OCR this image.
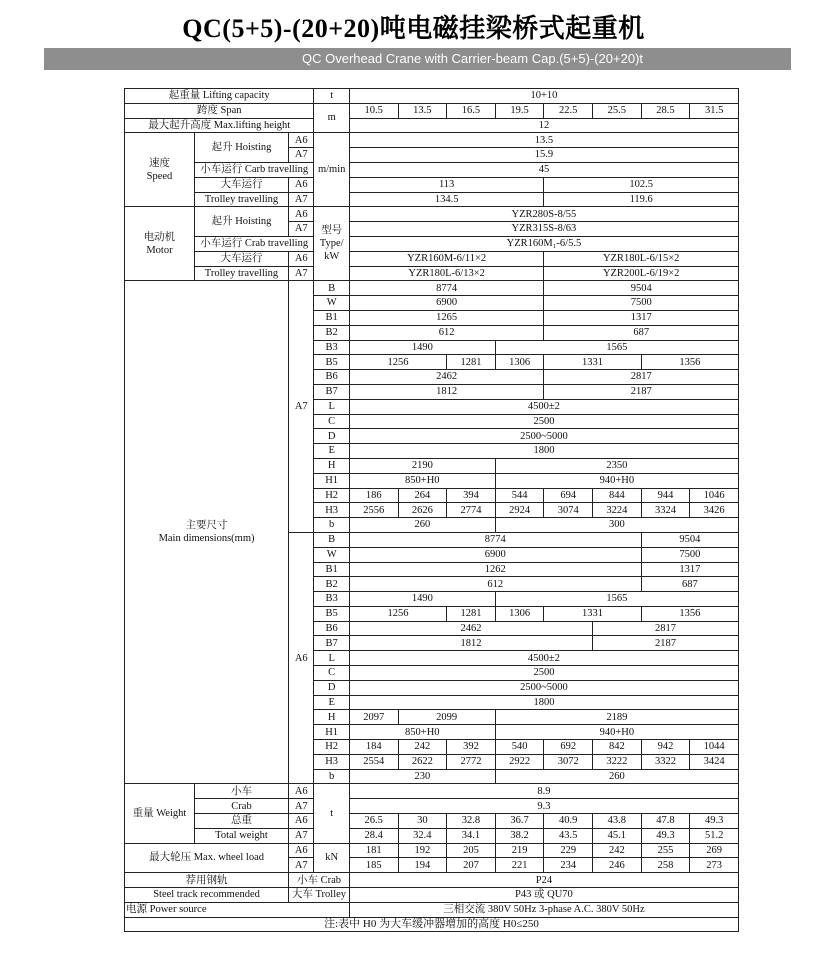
QC(5+5)-(20+20)吨电磁挂梁桥式起重机
QC Overhead Crane with Carrier-beam Cap.(5+5)-(20+20)t
起重量 Lifting capacity			t	10+10							
跨度 Span			m	10.5	13.5	16.5	19.5	22.5	25.5	28.5	31.5
最大起升高度 Max.lifting height				12							
速度
Speed	起升 Hoisting	A6	m/min	13.5							
		A7		15.9							
	小车运行 Carb travelling			45							
	大车运行	A6		113				102.5			
	Trolley travelling	A7		134.5				119.6			
电动机
Motor	起升 Hoisting	A6	型号
Type/
kW	YZR280S-8/55							
		A7		YZR315S-8/63							
	小车运行 Crab travelling			YZR160M₁-6/5.5							
	大车运行	A6		YZR160M-6/11×2				YZR180L-6/15×2			
	Trolley travelling	A7		YZR180L-6/13×2				YZR200L-6/19×2			
主要尺寸
Main dimensions(mm)		A7	B	8774				9504			
			W	6900				7500			
			B1	1265				1317			
			B2	612				687			
			B3	1490			1565				
			B5	1256		1281	1306	1331		1356	
			B6	2462				2817			
			B7	1812				2187			
			L	4500±2							
			C	2500							
			D	2500~5000							
			E	1800							
			H	2190			2350				
			H1	850+H0			940+H0				
			H2	186	264	394	544	694	844	944	1046
			H3	2556	2626	2774	2924	3074	3224	3324	3426
			b	260			300				
		A6	B	8774						9504	
			W	6900						7500	
			B1	1262						1317	
			B2	612						687	
			B3	1490			1565				
			B5	1256		1281	1306	1331		1356	
			B6	2462					2817		
			B7	1812					2187		
			L	4500±2							
			C	2500							
			D	2500~5000							
			E	1800							
			H	2097	2099		2189				
			H1	850+H0			940+H0				
			H2	184	242	392	540	692	842	942	1044
			H3	2554	2622	2772	2922	3072	3222	3322	3424
			b	230			260				
重量 Weight	小车	A6	t	8.9							
	Crab	A7		9.3							
	总重	A6		26.5	30	32.8	36.7	40.9	43.8	47.8	49.3
	Total weight	A7		28.4	32.4	34.1	38.2	43.5	45.1	49.3	51.2
最大轮压 Max. wheel load		A6	kN	181	192	205	219	229	242	255	269
		A7		185	194	207	221	234	246	258	273
荐用钢轨		小车 Crab		P24							
Steel track recommended		大车 Trolley		P43 或 QU70							
电源 Power source				三相交流 380V 50Hz 3-phase A.C. 380V 50Hz							
注:表中 H0 为大车缓冲器增加的高度 H0≤250											
